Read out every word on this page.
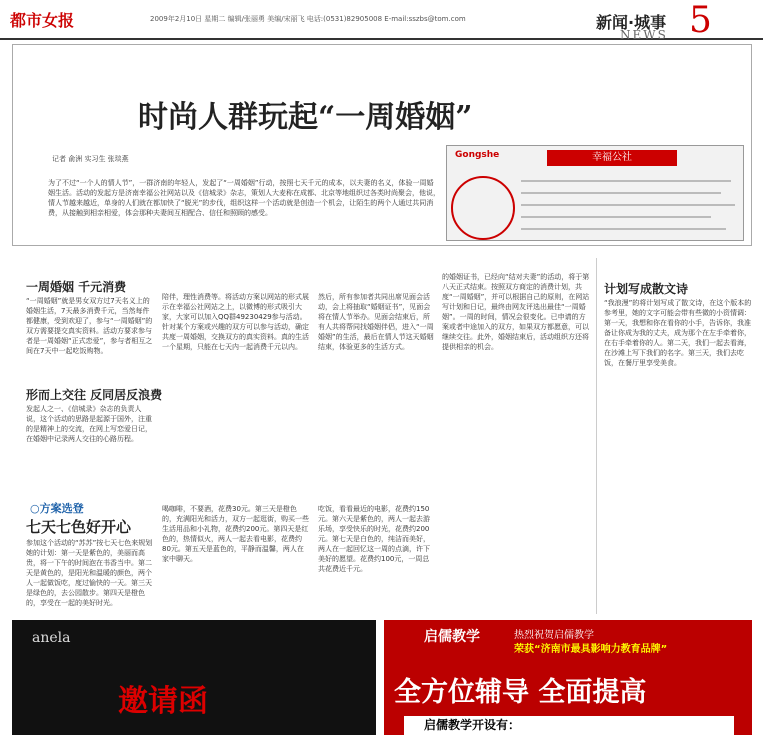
都市女报	2009年2月10日 星期二 编辑/张丽勇 美编/宋丽飞 电话:(0531)82905008 E-mail:sszbs@tom.com	新闻·城事
NEWS 5
时尚人群玩起“一周婚姻”
记者 俞洲 实习生 张琰燕
为了不过“一个人的情人节”，一群济南的年轻人，发起了“一周婚姻”行动，按照七天千元的成本，以夫妻的名义，体验一周婚姻生活。活动的发起方是济南幸福公社网站以及《信城录》杂志，策划人大麦称在成都、北京等地组织过各类时尚聚会，他说，情人节越来越近，单身的人们就在都加快了“脱光”的步伐，组织这样一个活动就是创造一个机会，让陌生的两个人通过共同消费，从接触到相亲相爱，体会那种夫妻间互相配合、信任和照顾的感受。
Gongshe	幸福公社
一周婚姻 千元消费
“一周婚姻”就是男女双方过7天名义上的婚姻生活，7天最多消费千元，当然每件都健康，受到欢迎了，参与“一周婚姻”的双方需要提交真实资料。活动方要求参与者是一周婚姻“正式恋爱”，参与者相互之间在7天中一起吃饭购物。
形而上交往 反同居反浪费
发起人之一、《信城录》杂志的负责人说，这个活动的思路是起源于国外，注重的是精神上的交流，在网上写恋爱日记，在婚姻中记录两人交往的心路历程。
陪伴，理性消费等。将活动方案以网站的形式展示在幸福公社网站之上，以微博的形式吸引大家，大家可以加入QQ群49230429参与活动。针对某个方案或兴趣的双方可以参与活动，确定共度一周婚姻，交换双方的真实资料。真的生活一个星期，只能在七天内一起消费千元以内。
然后，所有参加者共同出席见面会活动，会上将抽取“婚姻证书”，见面会将在情人节举办。见面会结束后，所有人共将帮同找婚姻伴侣，进入“一周婚姻”的生活，最后在情人节这天婚姻结束，体验更多的生活方式。
的婚姻证书，已经向“结对夫妻”的活动，将于第八天正式结束。按照双方商定的消费计划，共度“一周婚姻”，并可以根据自己的原则，在网站写计划和日记，最终由网友评选出最佳“一周婚姻”。一周的时间，情况会很变化。已申请的方案或者中途加入的双方，如果双方都愿意，可以继续交往。此外，婚姻结束后，活动组织方还将提供相亲的机会。
计划写成散文诗
“我浪漫”的将计划写成了散文诗，在这个版本的参考里，她的文字可能会带有些微的小资情调：第一天，我想和你在看你的小手，告诉你，我准备让你成为我的丈夫，成为那个在左手牵着你，在右手牵着你的人。第二天，我们一起去看海，在沙滩上写下我们的名字。第三天，我们去吃饭，在餐厅里享受美食。
○方案选登
七天七色好开心
参加这个活动的“苏苏”按七天七色来规划她的计划：第一天是紫色的，美丽而高贵，将一下午的时间泡在书香当中。第二天是黄色的，是阳光和温暖的颜色，两个人一起做饭吃，度过愉快的一天。第三天是绿色的，去公园散步。第四天是橙色的，享受在一起的美好时光。
喝咖啡，不要酒，花费30元。第三天是橙色的，充满阳光和活力，双方一起逛街，购买一些生活用品和小礼物，花费约200元。第四天是红色的，热情似火，两人一起去看电影，花费约80元。第五天是蓝色的，平静而温馨，两人在家中聊天。
吃饭，看看最近的电影，花费约150元。第六天是紫色的，两人一起去游乐场，享受快乐的时光，花费约200元。第七天是白色的，纯洁而美好，两人在一起回忆这一周的点滴，许下美好的愿望。花费约100元，一周总共花费近千元。
anela
邀请函
启儒教学	热烈祝贺启儒教学
荣获“济南市最具影响力教育品牌”
全方位辅导 全面提高
启儒教学开设有：
